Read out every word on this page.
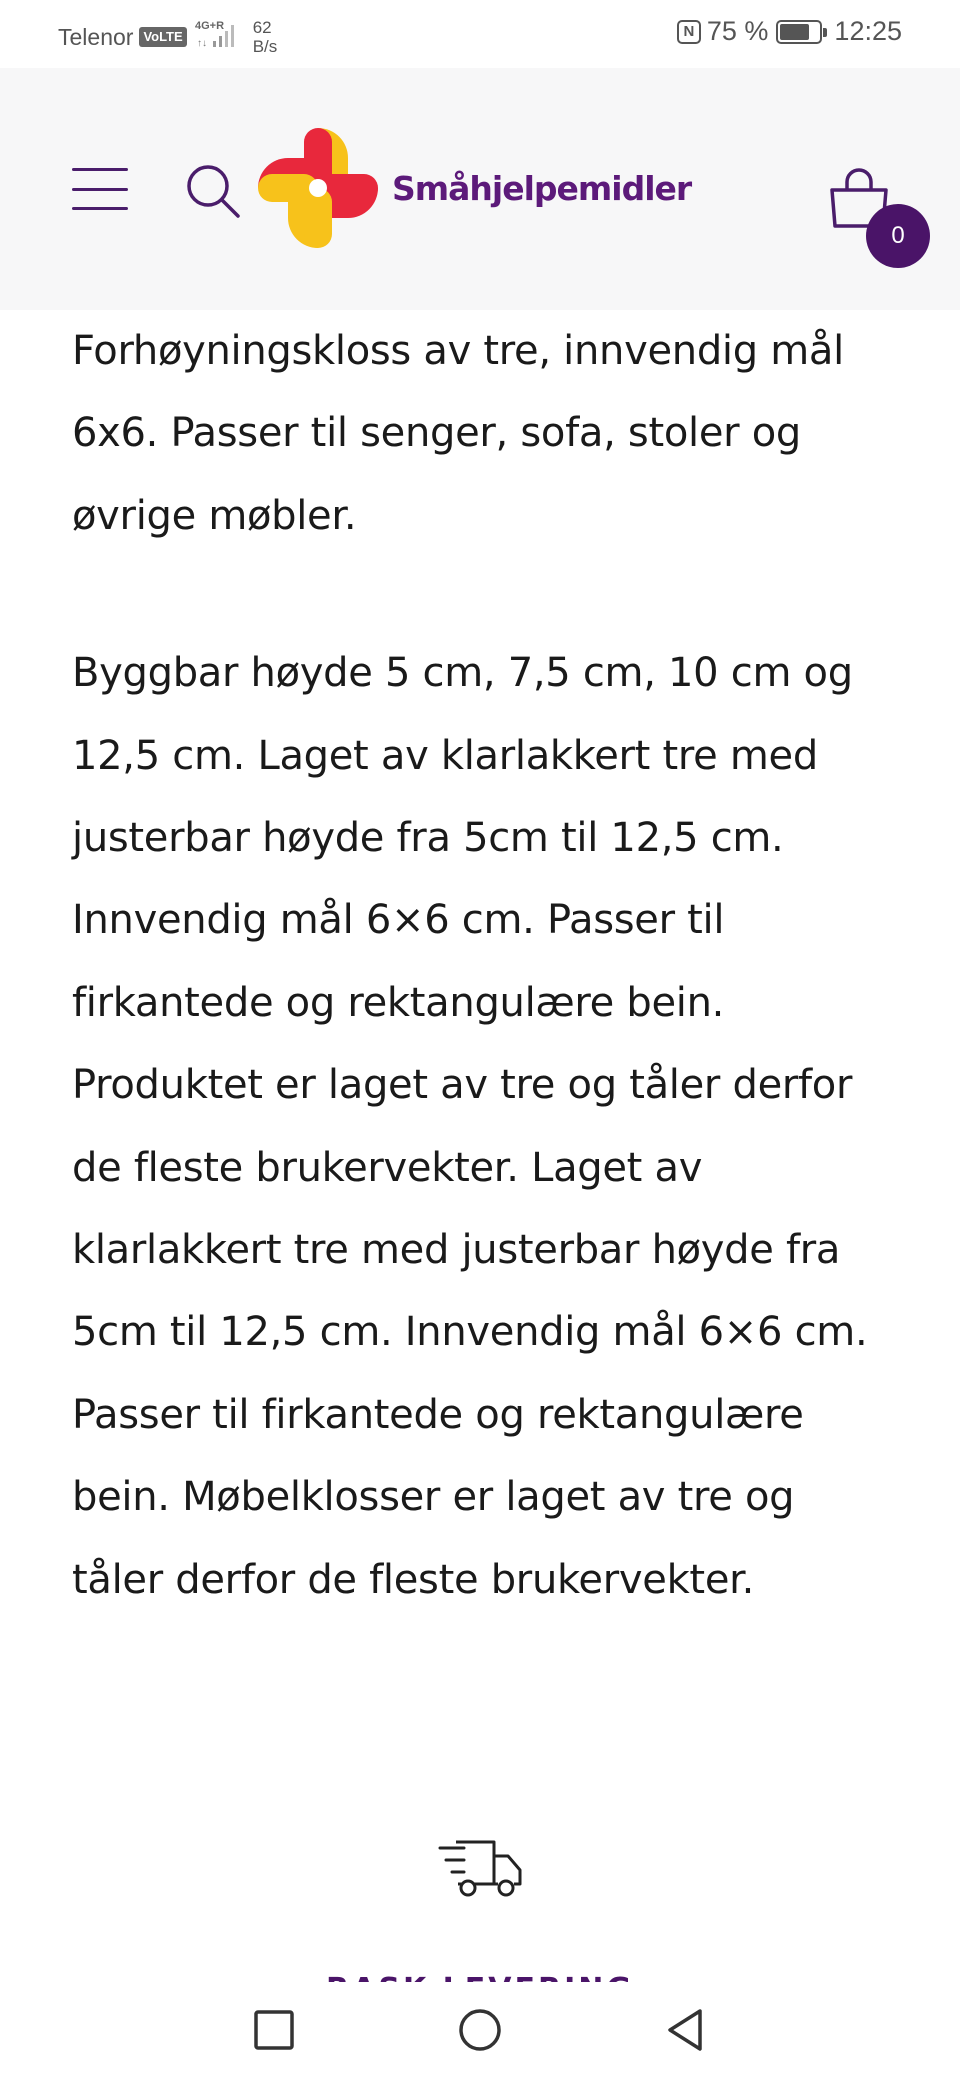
Telenor VoLTE
4G+R
↑↓
62
B/s
N 75 % 12:25
Småhjelpemidler
0

Forhøyningskloss av tre, innvendig mål 6x6. Passer til senger, sofa, stoler og øvrige møbler.

Byggbar høyde 5 cm, 7,5 cm, 10 cm og 12,5 cm. Laget av klarlakkert tre med justerbar høyde fra 5cm til 12,5 cm. Innvendig mål 6×6 cm. Passer til firkantede og rektangulære bein. Produktet er laget av tre og tåler derfor de fleste brukervekter. Laget av klarlakkert tre med justerbar høyde fra 5cm til 12,5 cm. Innvendig mål 6×6 cm. Passer til firkantede og rektangulære bein. Møbelklosser er laget av tre og tåler derfor de fleste brukervekter.
